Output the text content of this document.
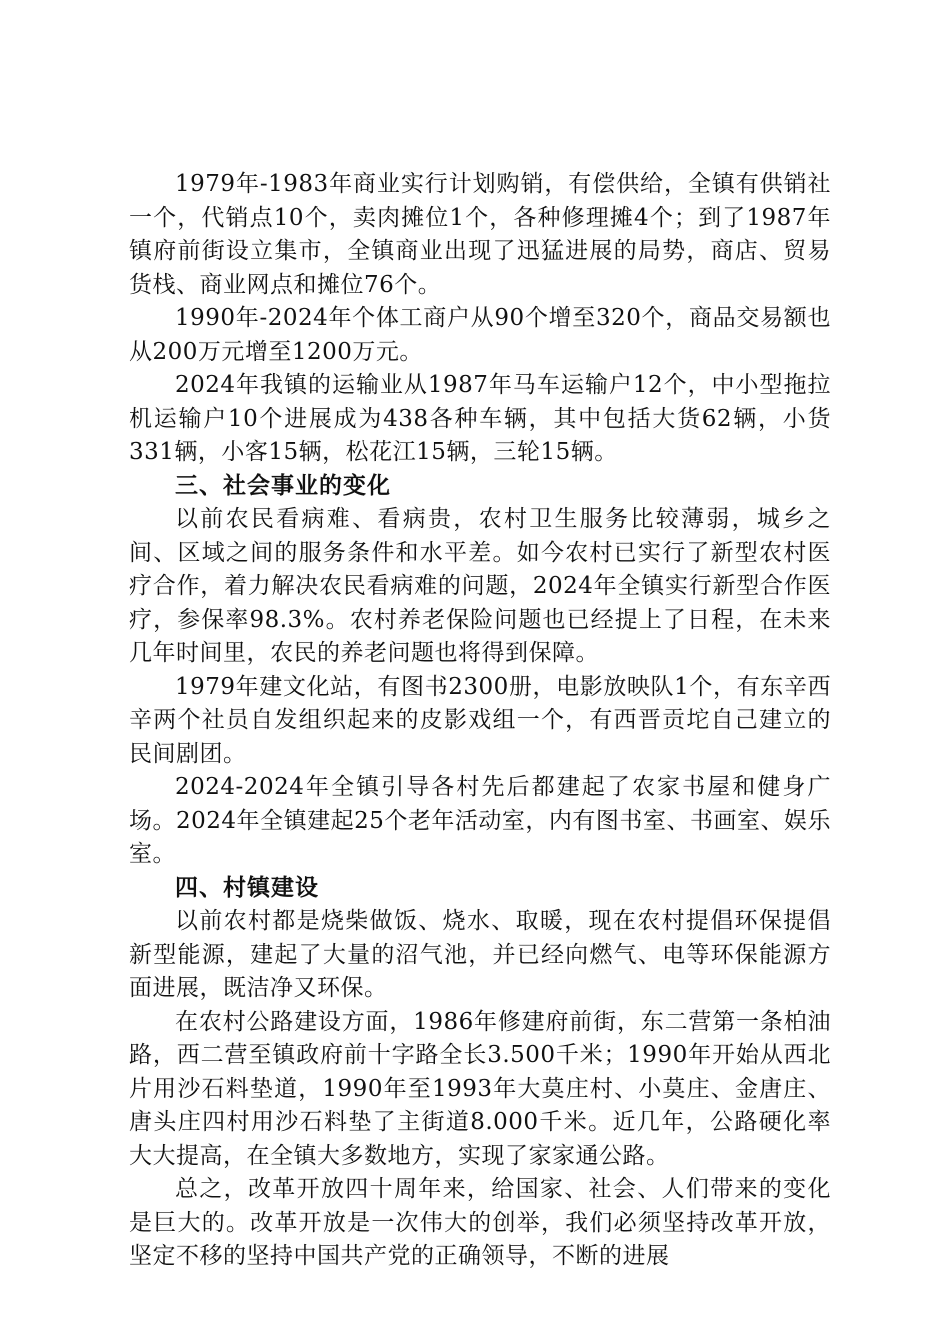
1979年-1983年商业实行计划购销，有偿供给，全镇有供销社一个，代销点10个，卖肉摊位1个，各种修理摊4个；到了1987年镇府前街设立集市，全镇商业出现了迅猛进展的局势，商店、贸易货栈、商业网点和摊位76个。

1990年-2024年个体工商户从90个增至320个，商品交易额也从200万元增至1200万元。

2024年我镇的运输业从1987年马车运输户12个，中小型拖拉机运输户10个进展成为438各种车辆，其中包括大货62辆，小货331辆，小客15辆，松花江15辆，三轮15辆。

三、社会事业的变化

以前农民看病难、看病贵，农村卫生服务比较薄弱，城乡之间、区域之间的服务条件和水平差。如今农村已实行了新型农村医疗合作，着力解决农民看病难的问题，2024年全镇实行新型合作医疗，参保率98.3%。农村养老保险问题也已经提上了日程，在未来几年时间里，农民的养老问题也将得到保障。

1979年建文化站，有图书2300册，电影放映队1个，有东辛西辛两个社员自发组织起来的皮影戏组一个，有西晋贡坨自己建立的民间剧团。

2024-2024年全镇引导各村先后都建起了农家书屋和健身广场。2024年全镇建起25个老年活动室，内有图书室、书画室、娱乐室。

四、村镇建设

以前农村都是烧柴做饭、烧水、取暖，现在农村提倡环保提倡新型能源，建起了大量的沼气池，并已经向燃气、电等环保能源方面进展，既洁净又环保。

在农村公路建设方面，1986年修建府前街，东二营第一条柏油路，西二营至镇政府前十字路全长3.500千米；1990年开始从西北片用沙石料垫道，1990年至1993年大莫庄村、小莫庄、金唐庄、唐头庄四村用沙石料垫了主街道8.000千米。近几年，公路硬化率大大提高，在全镇大多数地方，实现了家家通公路。

总之，改革开放四十周年来，给国家、社会、人们带来的变化是巨大的。改革开放是一次伟大的创举，我们必须坚持改革开放，坚定不移的坚持中国共产党的正确领导，不断的进展
